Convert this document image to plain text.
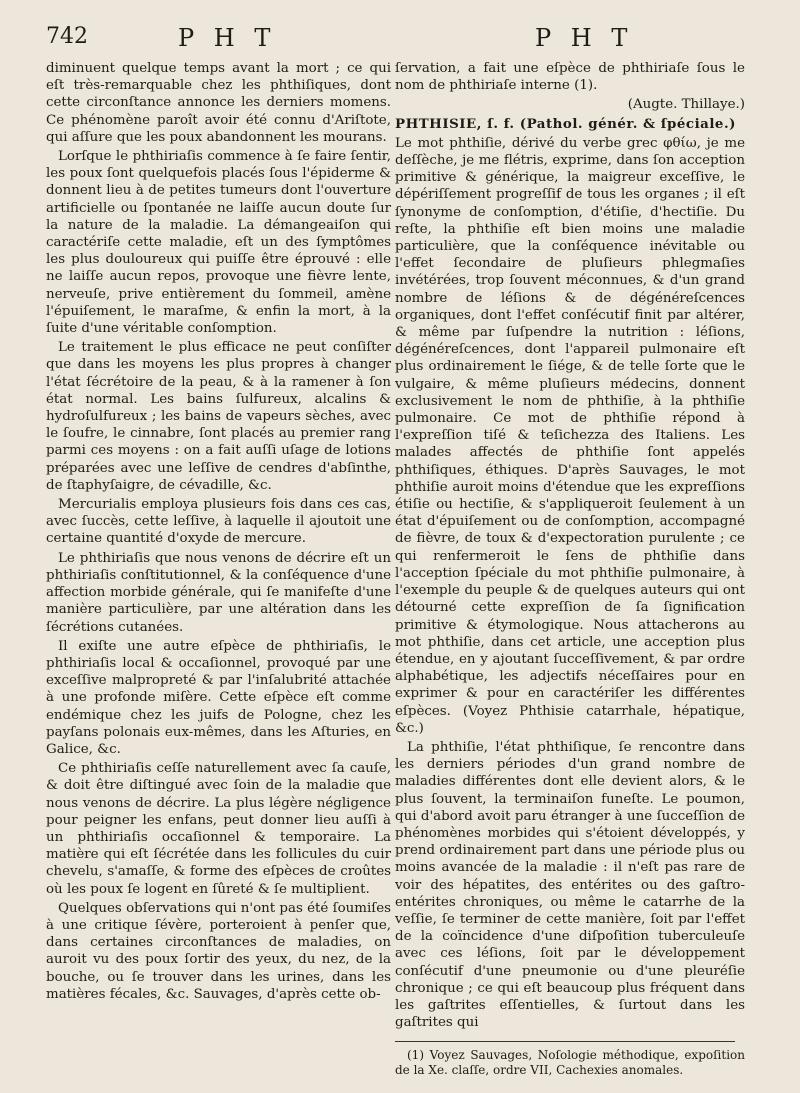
742	P H T	P H T

diminuent quelque temps avant la mort ; ce qui eſt très-remarquable chez les phthiſiques, dont cette circonſtance annonce les derniers momens. Ce phénomène paroît avoir été connu d'Ariſtote, qui aſſure que les poux abandonnent les mourans.

Lorſque le phthiriaſis commence à ſe faire ſentir, les poux ſont quelquefois placés ſous l'épiderme & donnent lieu à de petites tumeurs dont l'ouverture artificielle ou ſpontanée ne laiſſe aucun doute ſur la nature de la maladie. La démangeaiſon qui caractériſe cette maladie, eſt un des ſymptômes les plus douloureux qui puiſſe être éprouvé : elle ne laiſſe aucun repos, provoque une fièvre lente, nerveuſe, prive entièrement du ſommeil, amène l'épuiſement, le maraſme, & enfin la mort, à la ſuite d'une véritable conſomption.

Le traitement le plus efficace ne peut conſiſter que dans les moyens les plus propres à changer l'état ſécrétoire de la peau, & à la ramener à ſon état normal. Les bains ſulfureux, alcalins & hydroſulfureux ; les bains de vapeurs sèches, avec le ſoufre, le cinnabre, ſont placés au premier rang parmi ces moyens : on a fait auſſi uſage de lotions préparées avec une leſſive de cendres d'abſinthe, de ſtaphyſaigre, de cévadille, &c.

Mercurialis employa plusieurs fois dans ces cas, avec ſuccès, cette leſſive, à laquelle il ajoutoit une certaine quantité d'oxyde de mercure.

Le phthiriaſis que nous venons de décrire eſt un phthiriaſis conſtitutionnel, & la conſéquence d'une affection morbide générale, qui ſe manifeſte d'une manière particulière, par une altération dans les ſécrétions cutanées.

Il exiſte une autre eſpèce de phthiriaſis, le phthiriaſis local & occaſionnel, provoqué par une exceſſive malpropreté & par l'inſalubrité attachée à une profonde miſère. Cette eſpèce eſt comme endémique chez les juifs de Pologne, chez les payſans polonais eux-mêmes, dans les Aſturies, en Galice, &c.

Ce phthiriaſis ceſſe naturellement avec ſa cauſe, & doit être diſtingué avec ſoin de la maladie que nous venons de décrire. La plus légère négligence pour peigner les enfans, peut donner lieu auſſi à un phthiriaſis occaſionnel & temporaire. La matière qui eſt ſécrétée dans les follicules du cuir chevelu, s'amaſſe, & forme des eſpèces de croûtes où les poux ſe logent en ſûreté & ſe multiplient.

Quelques obſervations qui n'ont pas été ſoumiſes à une critique ſévère, porteroient à penſer que, dans certaines circonſtances de maladies, on auroit vu des poux ſortir des yeux, du nez, de la bouche, ou ſe trouver dans les urines, dans les matières fécales, &c. Sauvages, d'après cette ob-

ſervation, a fait une eſpèce de phthiriaſe ſous le nom de phthiriaſe interne (1).

(Augte. Thillaye.)

PHTHISIE, ſ. f. (Pathol. génér. & ſpéciale.)

Le mot phthiſie, dérivé du verbe grec φθίω, je me deſſèche, je me flétris, exprime, dans ſon acception primitive & générique, la maigreur exceſſive, le dépériſſement progreſſif de tous les organes ; il eſt ſynonyme de conſomption, d'étiſie, d'hectiſie. Du reſte, la phthiſie eſt bien moins une maladie particulière, que la conſéquence inévitable ou l'effet ſecondaire de pluſieurs phlegmaſies invétérées, trop ſouvent méconnues, & d'un grand nombre de léſions & de dégénéreſcences organiques, dont l'effet conſécutif finit par altérer, & même par ſuſpendre la nutrition : léſions, dégénéreſcences, dont l'appareil pulmonaire eſt plus ordinairement le ſiége, & de telle ſorte que le vulgaire, & même pluſieurs médecins, donnent exclusivement le nom de phthiſie, à la phthiſie pulmonaire. Ce mot de phthiſie répond à l'expreſſion tiſé & teſichezza des Italiens. Les malades affectés de phthiſie ſont appelés phthiſiques, éthiques. D'après Sauvages, le mot phthiſie auroit moins d'étendue que les expreſſions étiſie ou hectiſie, & s'appliqueroit ſeulement à un état d'épuiſement ou de conſomption, accompagné de fièvre, de toux & d'expectoration purulente ; ce qui renfermeroit le ſens de phthiſie dans l'acception ſpéciale du mot phthiſie pulmonaire, à l'exemple du peuple & de quelques auteurs qui ont détourné cette expreſſion de ſa ſignification primitive & étymologique. Nous attacherons au mot phthiſie, dans cet article, une acception plus étendue, en y ajoutant ſucceſſivement, & par ordre alphabétique, les adjectifs néceſſaires pour en exprimer & pour en caractériſer les différentes eſpèces. (Voyez Phthisie catarrhale, hépatique, &c.)

La phthiſie, l'état phthiſique, ſe rencontre dans les derniers périodes d'un grand nombre de maladies différentes dont elle devient alors, & le plus ſouvent, la terminaiſon funeſte. Le poumon, qui d'abord avoit paru étranger à une ſucceſſion de phénomènes morbides qui s'étoient développés, y prend ordinairement part dans une période plus ou moins avancée de la maladie : il n'eſt pas rare de voir des hépatites, des entérites ou des gaſtro-entérites chroniques, ou même le catarrhe de la veſſie, ſe terminer de cette manière, ſoit par l'effet de la coïncidence d'une diſpoſition tuberculeuſe avec ces léſions, ſoit par le développement conſécutif d'une pneumonie ou d'une pleuréſie chronique ; ce qui eſt beaucoup plus fréquent dans les gaſtrites eſſentielles, & ſurtout dans les gaſtrites qui

(1) Voyez Sauvages, Noſologie méthodique, expoſition de la Xe. claſſe, ordre VII, Cachexies anomales.
